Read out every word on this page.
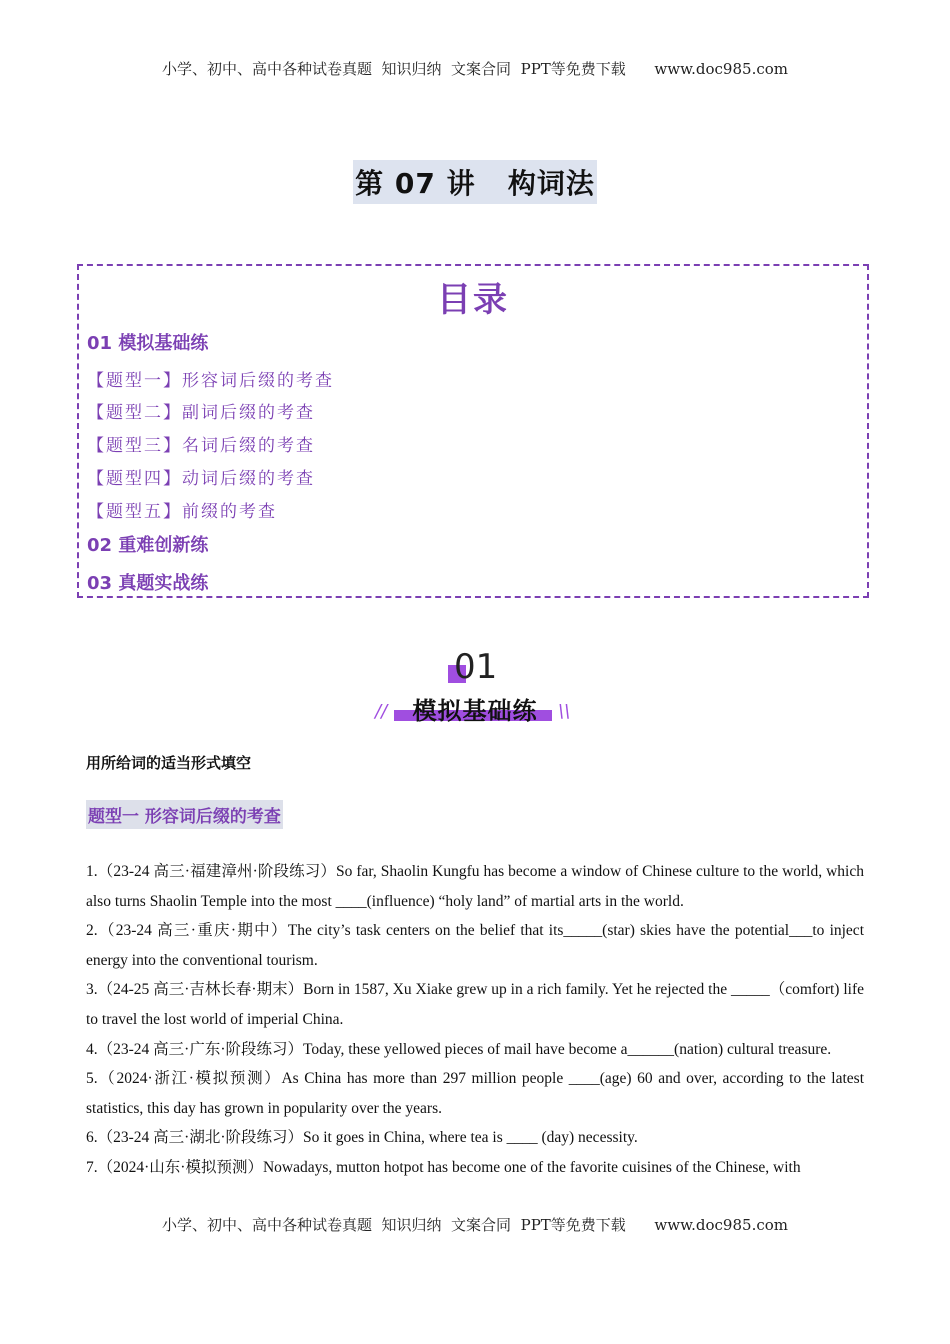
小学、初中、高中各种试卷真题  知识归纳  文案合同  PPT等免费下载      www.doc985.com
第 07 讲   构词法
目录
01 模拟基础练
【题型一】形容词后缀的考查
【题型二】副词后缀的考查
【题型三】名词后缀的考查
【题型四】动词后缀的考查
【题型五】前缀的考查
02 重难创新练
03 真题实战练
01
模拟基础练
//	\\
用所给词的适当形式填空
题型一 形容词后缀的考查

1.（23-24 高三·福建漳州·阶段练习）So far, Shaolin Kungfu has become a window of Chinese culture to the world, which also turns Shaolin Temple into the most ____(influence) “holy land” of martial arts in the world.

2.（23-24 高三·重庆·期中）The city’s task centers on the belief that its_____(star) skies have the potential___to inject energy into the conventional tourism.

3.（24-25 高三·吉林长春·期末）Born in 1587, Xu Xiake grew up in a rich family. Yet he rejected the _____（comfort) life to travel the lost world of imperial China.

4.（23-24 高三·广东·阶段练习）Today, these yellowed pieces of mail have become a______(nation) cultural treasure.

5.（2024·浙江·模拟预测）As China has more than 297 million people ____(age) 60 and over, according to the latest statistics, this day has grown in popularity over the years.

6.（23-24 高三·湖北·阶段练习）So it goes in China, where tea is ____ (day) necessity.

7.（2024·山东·模拟预测）Nowadays, mutton hotpot has become one of the favorite cuisines of the Chinese, with

小学、初中、高中各种试卷真题  知识归纳  文案合同  PPT等免费下载      www.doc985.com
